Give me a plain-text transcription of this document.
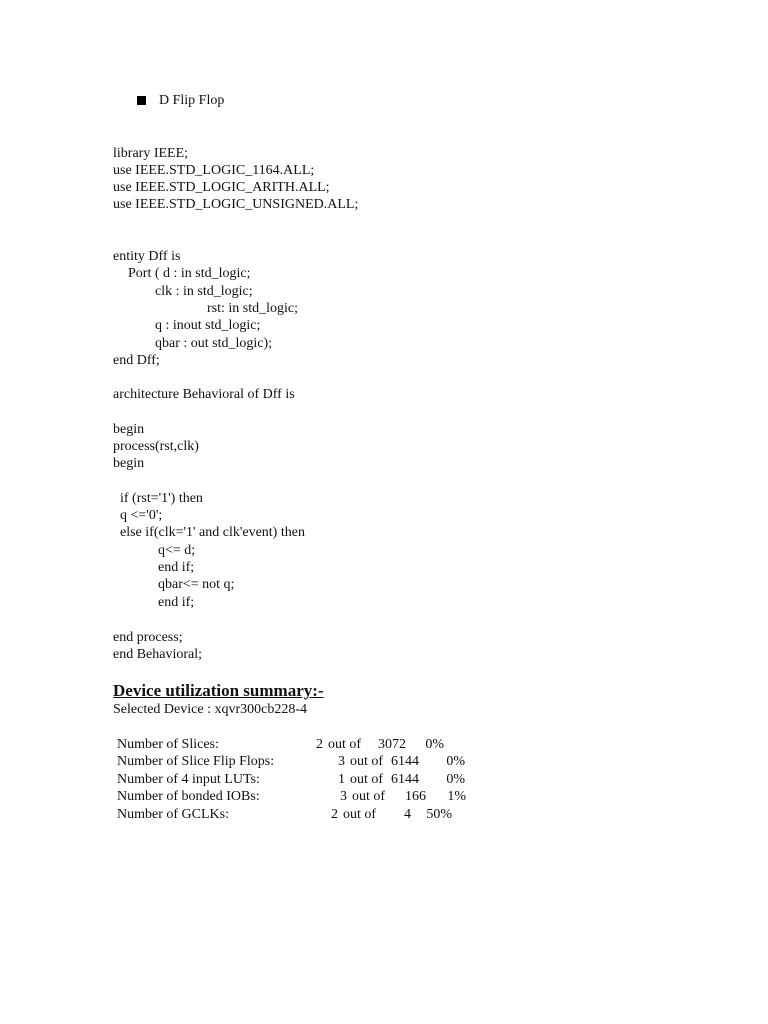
D Flip Flop
library IEEE;
use IEEE.STD_LOGIC_1164.ALL;
use IEEE.STD_LOGIC_ARITH.ALL;
use IEEE.STD_LOGIC_UNSIGNED.ALL;
entity Dff is
Port ( d : in std_logic;
clk : in std_logic;
rst: in std_logic;
q : inout std_logic;
qbar : out std_logic);
end Dff;
architecture Behavioral of Dff is
begin
process(rst,clk)
begin
if (rst='1') then
q <='0';
else if(clk='1' and clk'event) then
q<= d;
end if;
qbar<= not q;
end if;
end process;
end Behavioral;
Device utilization summary:-
Selected Device : xqvr300cb228-4
Number of Slices:	2 out of	3072	0%
Number of Slice Flip Flops:	3 out of 6144	0%
Number of 4 input LUTs:	1 out of 6144	0%
Number of bonded IOBs:	3 out of	166	1%
Number of GCLKs:	2 out of	4	50%
